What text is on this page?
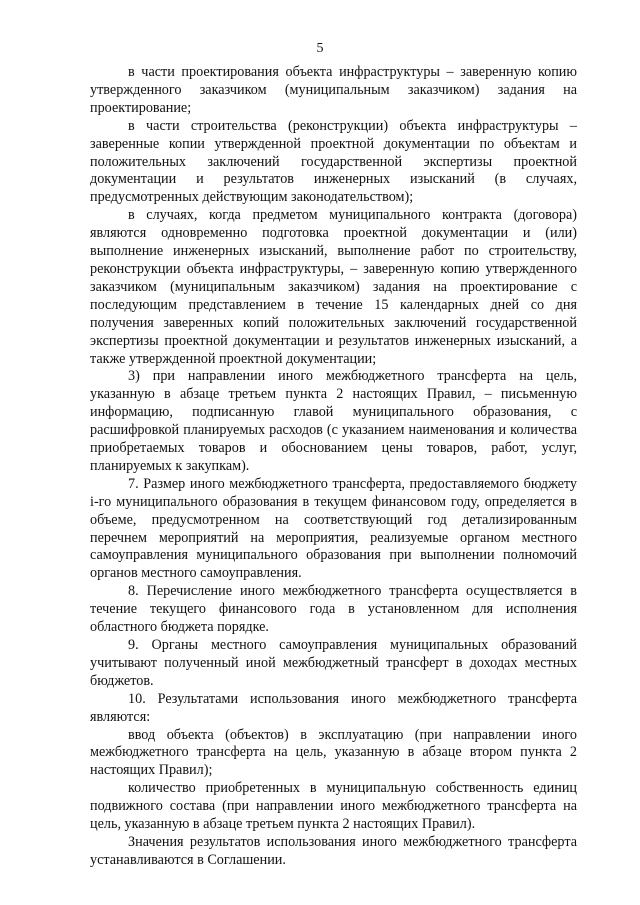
5

в части проектирования объекта инфраструктуры – заверенную копию утвержденного заказчиком (муниципальным заказчиком) задания на проектирование;

в части строительства (реконструкции) объекта инфраструктуры – заверенные копии утвержденной проектной документации по объектам и положительных заключений государственной экспертизы проектной документации и результатов инженерных изысканий (в случаях, предусмотренных действующим законодательством);

в случаях, когда предметом муниципального контракта (договора) являются одновременно подготовка проектной документации и (или) выполнение инженерных изысканий, выполнение работ по строительству, реконструкции объекта инфраструктуры, – заверенную копию утвержденного заказчиком (муниципальным заказчиком) задания на проектирование с последующим представлением в течение 15 календарных дней со дня получения заверенных копий положительных заключений государственной экспертизы проектной документации и результатов инженерных изысканий, а также утвержденной проектной документации;

3) при направлении иного межбюджетного трансферта на цель, указанную в абзаце третьем пункта 2 настоящих Правил, – письменную информацию, подписанную главой муниципального образования, с расшифровкой планируемых расходов (с указанием наименования и количества приобретаемых товаров и обоснованием цены товаров, работ, услуг, планируемых к закупкам).

7. Размер иного межбюджетного трансферта, предоставляемого бюджету i-го муниципального образования в текущем финансовом году, определяется в объеме, предусмотренном на соответствующий год детализированным перечнем мероприятий на мероприятия, реализуемые органом местного самоуправления муниципального образования при выполнении полномочий органов местного самоуправления.

8. Перечисление иного межбюджетного трансферта осуществляется в течение текущего финансового года в установленном для исполнения областного бюджета порядке.

9. Органы местного самоуправления муниципальных образований учитывают полученный иной межбюджетный трансферт в доходах местных бюджетов.

10. Результатами использования иного межбюджетного трансферта являются:

ввод объекта (объектов) в эксплуатацию (при направлении иного межбюджетного трансферта на цель, указанную в абзаце втором пункта 2 настоящих Правил);

количество приобретенных в муниципальную собственность единиц подвижного состава (при направлении иного межбюджетного трансферта на цель, указанную в абзаце третьем пункта 2 настоящих Правил).

Значения результатов использования иного межбюджетного трансферта устанавливаются в Соглашении.
